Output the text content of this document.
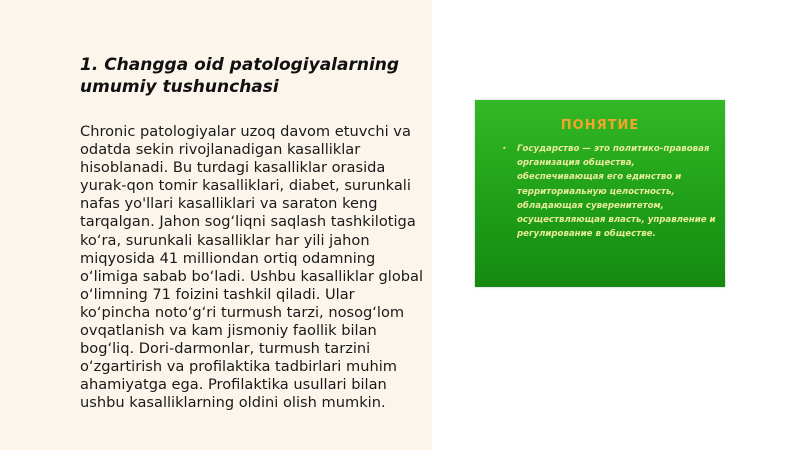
1. Changga oid patologiyalarning umumiy tushunchasi

Chronic patologiyalar uzoq davom etuvchi va odatda sekin rivojlanadigan kasalliklar hisoblanadi. Bu turdagi kasalliklar orasida yurak-qon tomir kasalliklari, diabet, surunkali nafas yo'llari kasalliklari va saraton keng tarqalgan. Jahon sog‘liqni saqlash tashkilotiga ko‘ra, surunkali kasalliklar har yili jahon miqyosida 41 milliondan ortiq odamning o‘limiga sabab bo‘ladi. Ushbu kasalliklar global o‘limning 71 foizini tashkil qiladi. Ular ko‘pincha noto‘g‘ri turmush tarzi, nosog‘lom ovqatlanish va kam jismoniy faollik bilan bog‘liq. Dori-darmonlar, turmush tarzini o‘zgartirish va profilaktika tadbirlari muhim ahamiyatga ega. Profilaktika usullari bilan ushbu kasalliklarning oldini olish mumkin.

ПОНЯТИЕ
• Государство — это политико-правовая организация общества, обеспечивающая его единство и территориальную целостность, обладающая суверенитетом, осуществляющая власть, управление и регулирование в обществе.
